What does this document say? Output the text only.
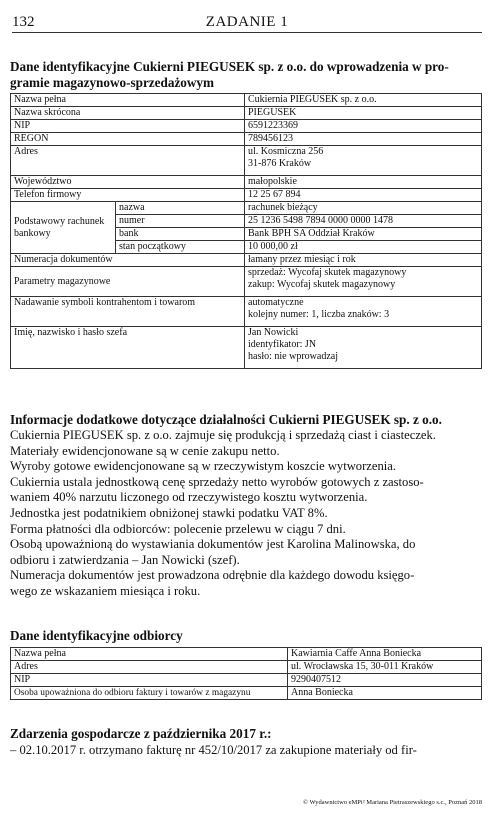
132	ZADANIE 1
Dane identyfikacyjne Cukierni PIEGUSEK sp. z o.o. do wprowadzenia w pro-
gramie magazynowo-sprzedażowym
Nazwa pełna		Cukiernia PIEGUSEK sp. z o.o.
Nazwa skrócona		PIEGUSEK
NIP		6591223369
REGON		789456123
Adres		ul. Kosmiczna 256
31-876 Kraków
Województwo		małopolskie
Telefon firmowy		12 25 67 894
Podstawowy rachunek bankowy	nazwa	rachunek bieżący
	numer	25 1236 5498 7894 0000 0000 1478
	bank	Bank BPH SA Oddział Kraków
	stan początkowy	10 000,00 zł
Numeracja dokumentów		łamany przez miesiąc i rok
Parametry magazynowe		sprzedaż: Wycofaj skutek magazynowy
zakup: Wycofaj skutek magazynowy
Nadawanie symboli kontrahentom i towarom		automatyczne
kolejny numer: 1, liczba znaków: 3
Imię, nazwisko i hasło szefa		Jan Nowicki
identyfikator: JN
hasło: nie wprowadzaj
Informacje dodatkowe dotyczące działalności Cukierni PIEGUSEK sp. z o.o.

Cukiernia PIEGUSEK sp. z o.o. zajmuje się produkcją i sprzedażą ciast i ciasteczek.

Materiały ewidencjonowane są w cenie zakupu netto.

Wyroby gotowe ewidencjonowane są w rzeczywistym koszcie wytworzenia.

Cukiernia ustala jednostkową cenę sprzedaży netto wyrobów gotowych z zastoso-

waniem 40% narzutu liczonego od rzeczywistego kosztu wytworzenia.

Jednostka jest podatnikiem obniżonej stawki podatku VAT 8%.

Forma płatności dla odbiorców: polecenie przelewu w ciągu 7 dni.

Osobą upoważnioną do wystawiania dokumentów jest Karolina Malinowska, do

odbioru i zatwierdzania – Jan Nowicki (szef).

Numeracja dokumentów jest prowadzona odrębnie dla każdego dowodu księgo-

wego ze wskazaniem miesiąca i roku.

Dane identyfikacyjne odbiorcy
Nazwa pełna	Kawiarnia Caffe Anna Boniecka
Adres	ul. Wrocławska 15, 30-011 Kraków
NIP	9290407512
Osoba upoważniona do odbioru faktury i towarów z magazynu	Anna Boniecka
Zdarzenia gospodarcze z października 2017 r.:

– 02.10.2017 r. otrzymano fakturę nr 452/10/2017 za zakupione materiały od fir-

© Wydawnictwo eMPi² Mariana Pietraszewskiego s.c., Poznań 2018
